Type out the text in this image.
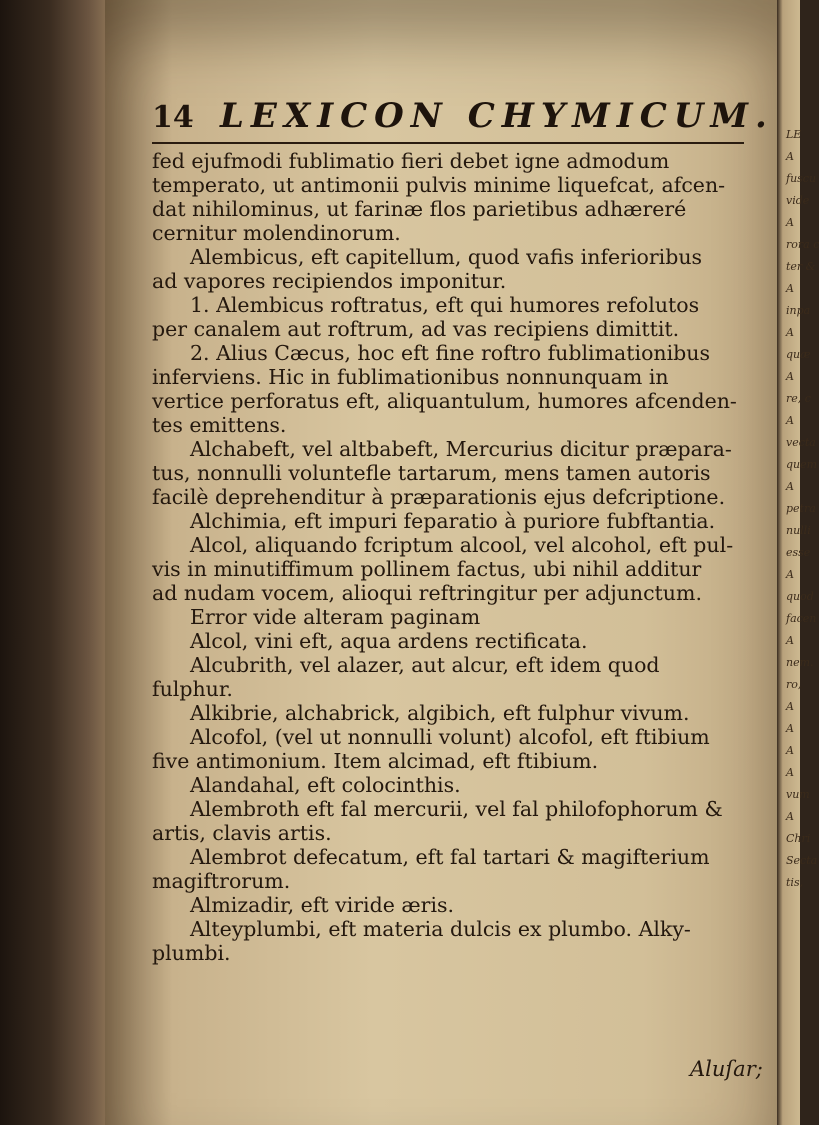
LE
A
fuscu
vide
A
rora c
ter &
A
inpa
A
quæ
A
re, c
A
vecta
quem
A
petra
nulli
esse
A
quod
facen
A
nem.
ro,
A
A
A
A
vum
A
Chri
Secta
tis,
14 LEXICON CHYMICUM.
fed ejufmodi fublimatio fieri debet igne admodum
temperato, ut antimonii pulvis minime liquefcat, afcen-
dat nihilominus, ut farinæ flos parietibus adhæreré
cernitur molendinorum.
Alembicus, eft capitellum, quod vafis inferioribus
ad vapores recipiendos imponitur.
1. Alembicus roftratus, eft qui humores refolutos
per canalem aut roftrum, ad vas recipiens dimittit.
2. Alius Cæcus, hoc eft fine roftro fublimationibus
inferviens. Hic in fublimationibus nonnunquam in
vertice perforatus eft, aliquantulum, humores afcenden-
tes emittens.
Alchabeft, vel altbabeft, Mercurius dicitur præpara-
tus, nonnulli voluntefle tartarum, mens tamen autoris
facilè deprehenditur à præparationis ejus defcriptione.
Alchimia, eft impuri feparatio à puriore fubftantia.
Alcol, aliquando fcriptum alcool, vel alcohol, eft pul-
vis in minutiffimum pollinem factus, ubi nihil additur
ad nudam vocem, alioqui reftringitur per adjunctum.
Error vide alteram paginam
Alcol, vini eft, aqua ardens rectificata.
Alcubrith, vel alazer, aut alcur, eft idem quod
fulphur.
Alkibrie, alchabrick, algibich, eft fulphur vivum.
Alcofol, (vel ut nonnulli volunt) alcofol, eft ftibium
five antimonium. Item alcimad, eft ftibium.
Alandahal, eft colocinthis.
Alembroth eft fal mercurii, vel fal philofophorum &
artis, clavis artis.
Alembrot defecatum, eft fal tartari & magifterium
magiftrorum.
Almizadir, eft viride æris.
Alteyplumbi, eft materia dulcis ex plumbo. Alky-
plumbi.
Aluſar;
